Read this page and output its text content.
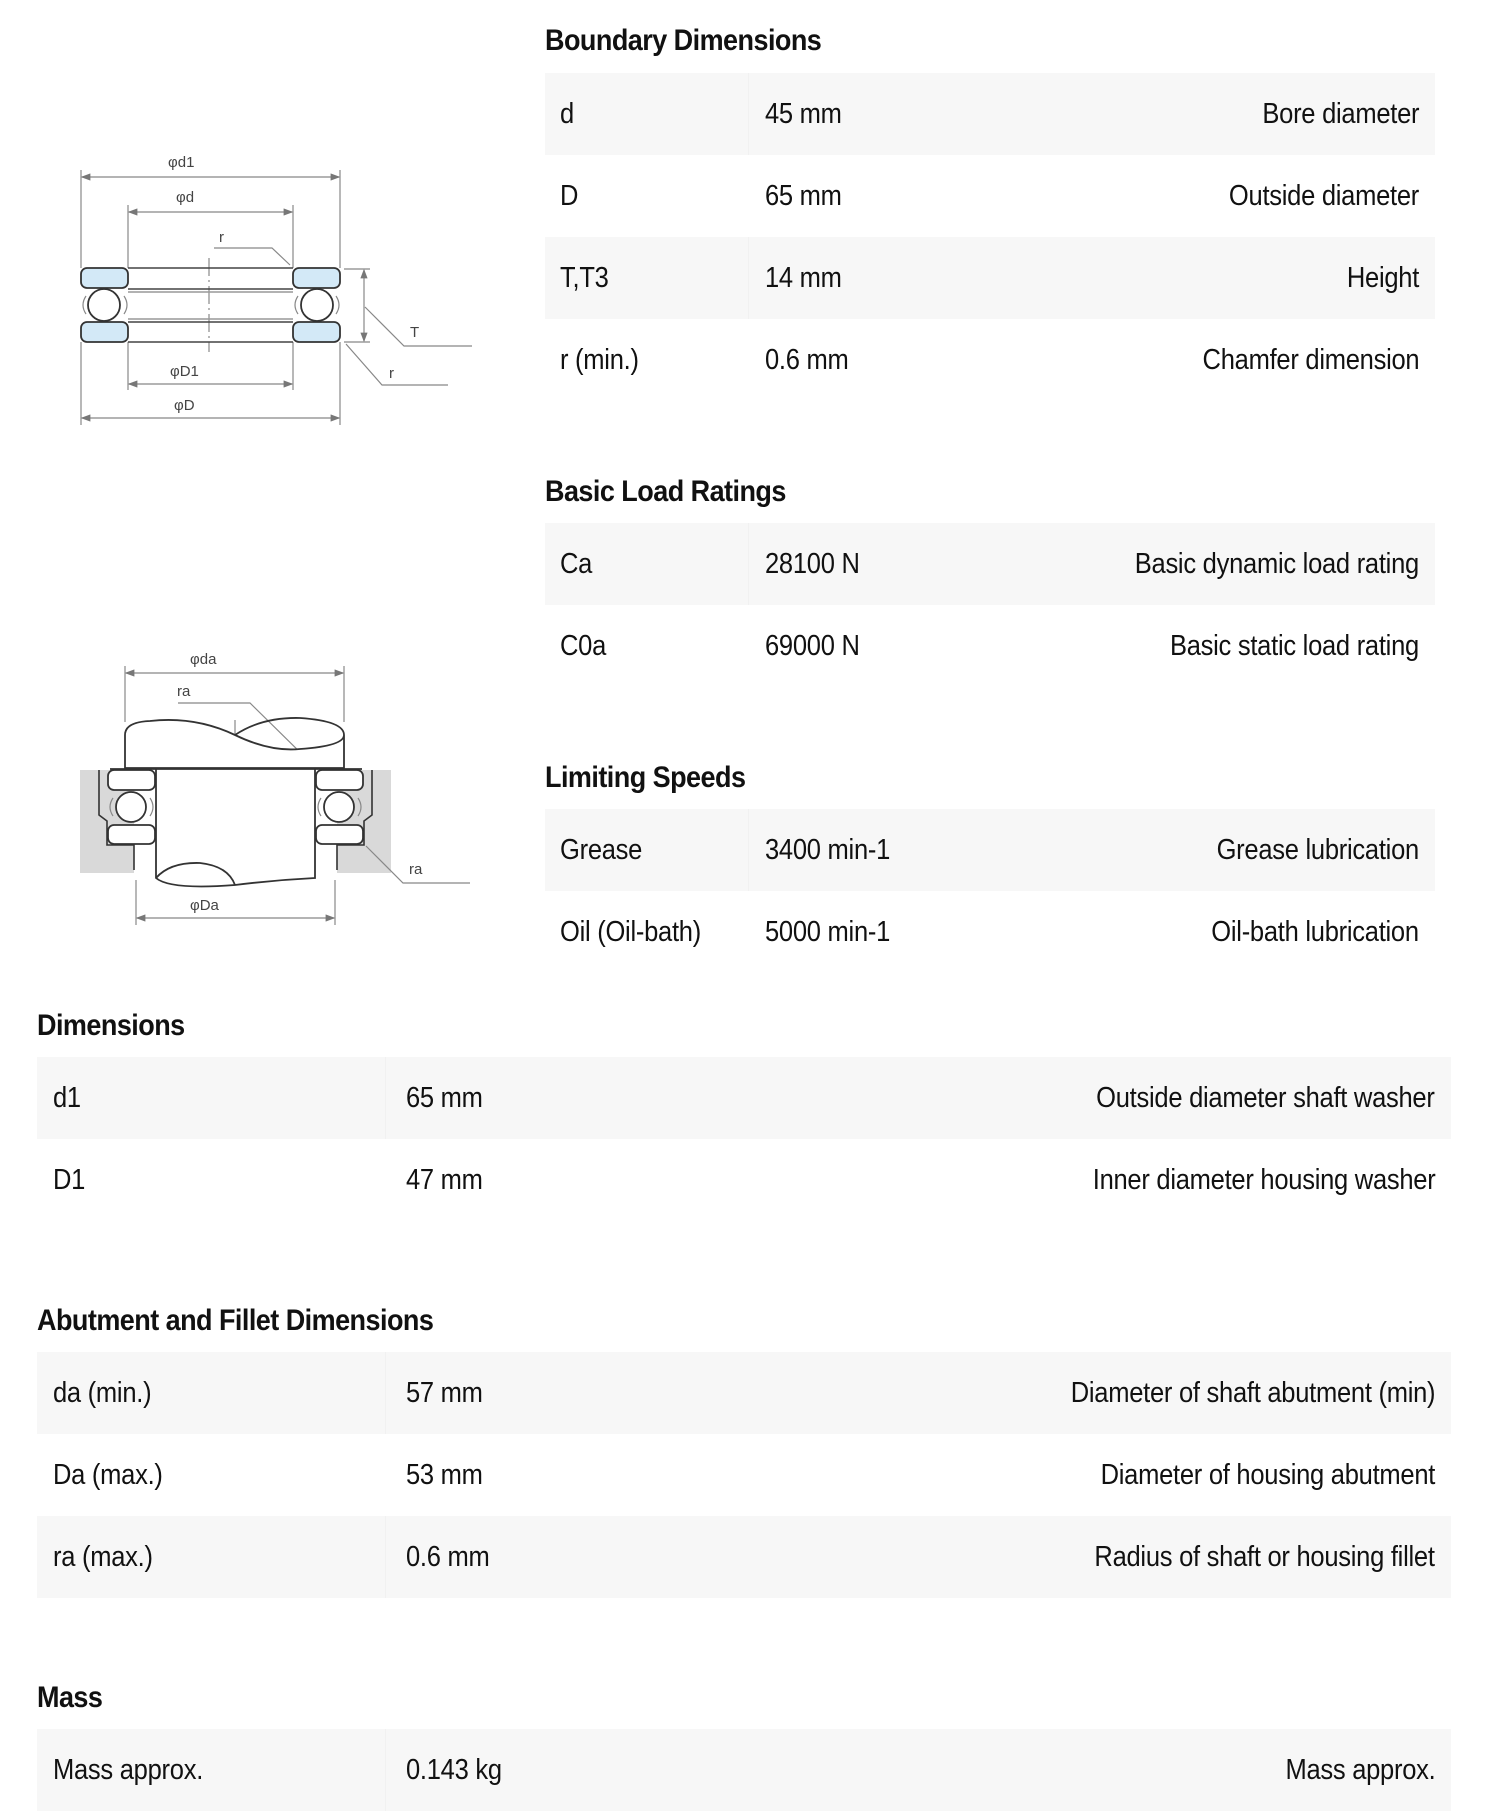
φd1
φd
r
T
r
φD1
φD
φda
ra
ra
φDa
Boundary Dimensions
d	45 mm	Bore diameter
D	65 mm	Outside diameter
T,T3	14 mm	Height
r (min.)	0.6 mm	Chamfer dimension
Basic Load Ratings
Ca	28100 N	Basic dynamic load rating
C0a	69000 N	Basic static load rating
Limiting Speeds
Grease	3400 min-1	Grease lubrication
Oil (Oil-bath) 5000 min-1	Oil-bath lubrication
Dimensions
d1	65 mm	Outside diameter shaft washer
D1	47 mm	Inner diameter housing washer
Abutment and Fillet Dimensions
da (min.)	57 mm	Diameter of shaft abutment (min)
Da (max.)	53 mm	Diameter of housing abutment
ra (max.)	0.6 mm	Radius of shaft or housing fillet
Mass
Mass approx.	0.143 kg	Mass approx.
